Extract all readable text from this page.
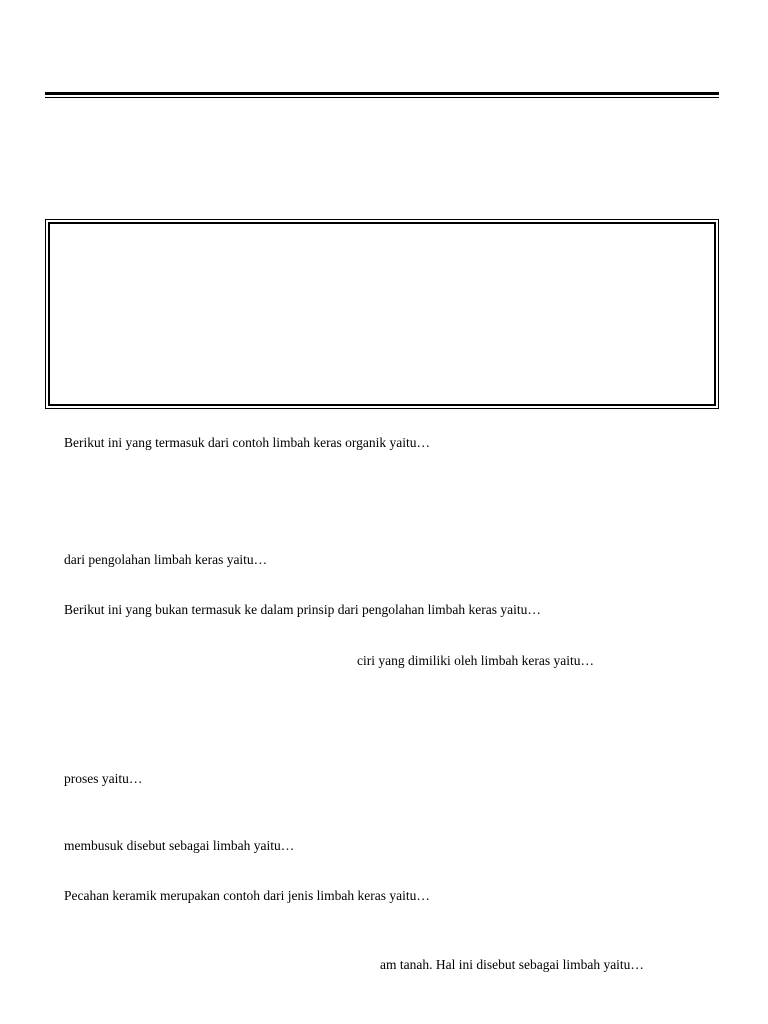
Berikut ini yang termasuk dari contoh limbah keras organik yaitu…
dari pengolahan limbah keras yaitu…
Berikut ini yang bukan termasuk ke dalam prinsip dari pengolahan limbah keras yaitu…
ciri yang dimiliki oleh limbah keras yaitu…
proses yaitu…
membusuk disebut sebagai limbah yaitu…
Pecahan keramik merupakan contoh dari jenis limbah keras yaitu…
am tanah. Hal ini disebut sebagai limbah yaitu…
